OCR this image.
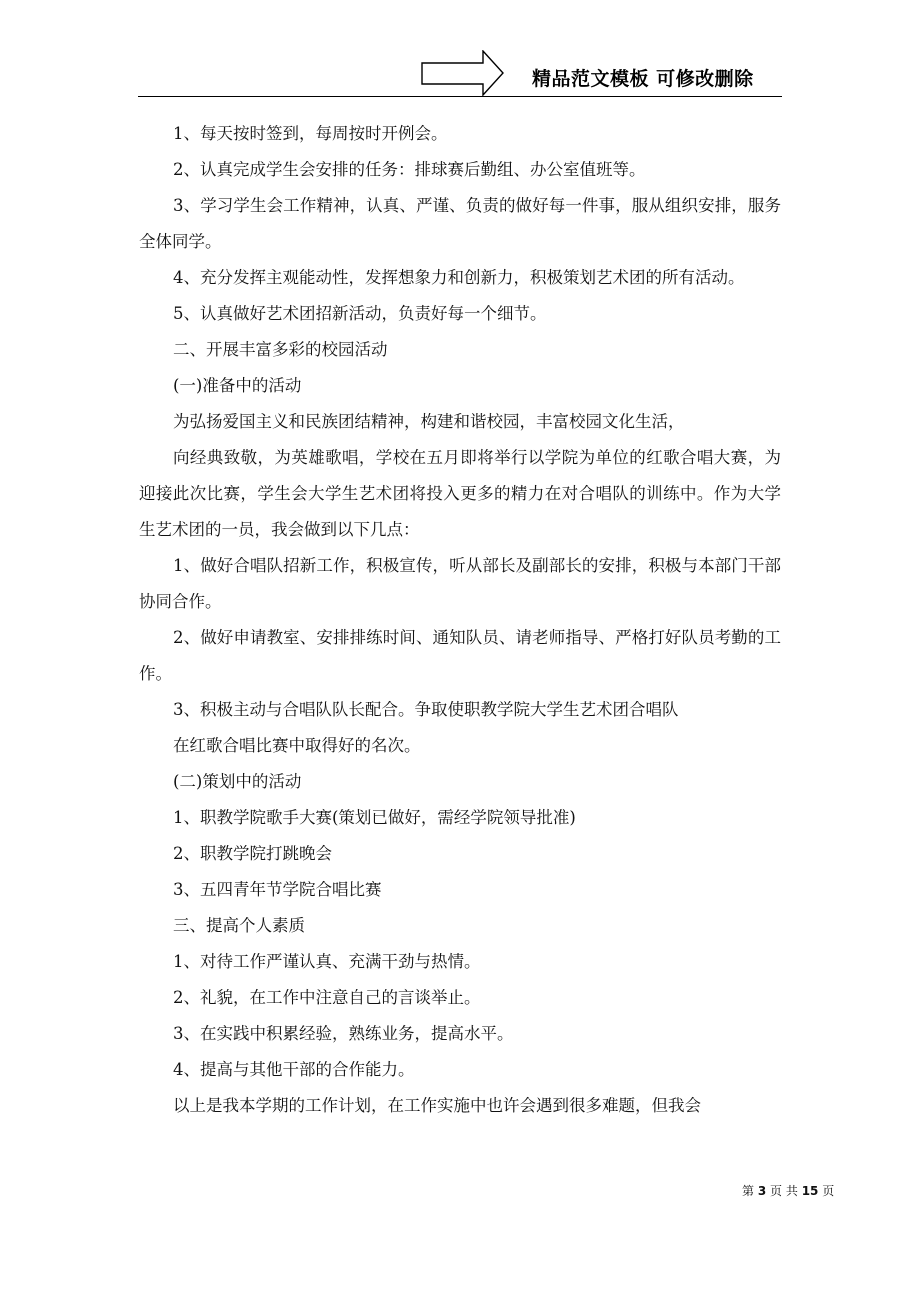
精品范文模板 可修改删除

1、每天按时签到，每周按时开例会。

2、认真完成学生会安排的任务：排球赛后勤组、办公室值班等。

3、学习学生会工作精神，认真、严谨、负责的做好每一件事，服从组织安排，服务全体同学。

4、充分发挥主观能动性，发挥想象力和创新力，积极策划艺术团的所有活动。

5、认真做好艺术团招新活动，负责好每一个细节。

二、开展丰富多彩的校园活动

(一)准备中的活动

为弘扬爱国主义和民族团结精神，构建和谐校园，丰富校园文化生活，

向经典致敬，为英雄歌唱，学校在五月即将举行以学院为单位的红歌合唱大赛，为迎接此次比赛，学生会大学生艺术团将投入更多的精力在对合唱队的训练中。作为大学生艺术团的一员，我会做到以下几点：

1、做好合唱队招新工作，积极宣传，听从部长及副部长的安排，积极与本部门干部协同合作。

2、做好申请教室、安排排练时间、通知队员、请老师指导、严格打好队员考勤的工作。

3、积极主动与合唱队队长配合。争取使职教学院大学生艺术团合唱队

在红歌合唱比赛中取得好的名次。

(二)策划中的活动

1、职教学院歌手大赛(策划已做好，需经学院领导批准)

2、职教学院打跳晚会

3、五四青年节学院合唱比赛

三、提高个人素质

1、对待工作严谨认真、充满干劲与热情。

2、礼貌，在工作中注意自己的言谈举止。

3、在实践中积累经验，熟练业务，提高水平。

4、提高与其他干部的合作能力。

以上是我本学期的工作计划，在工作实施中也许会遇到很多难题，但我会

第 3 页 共 15 页
